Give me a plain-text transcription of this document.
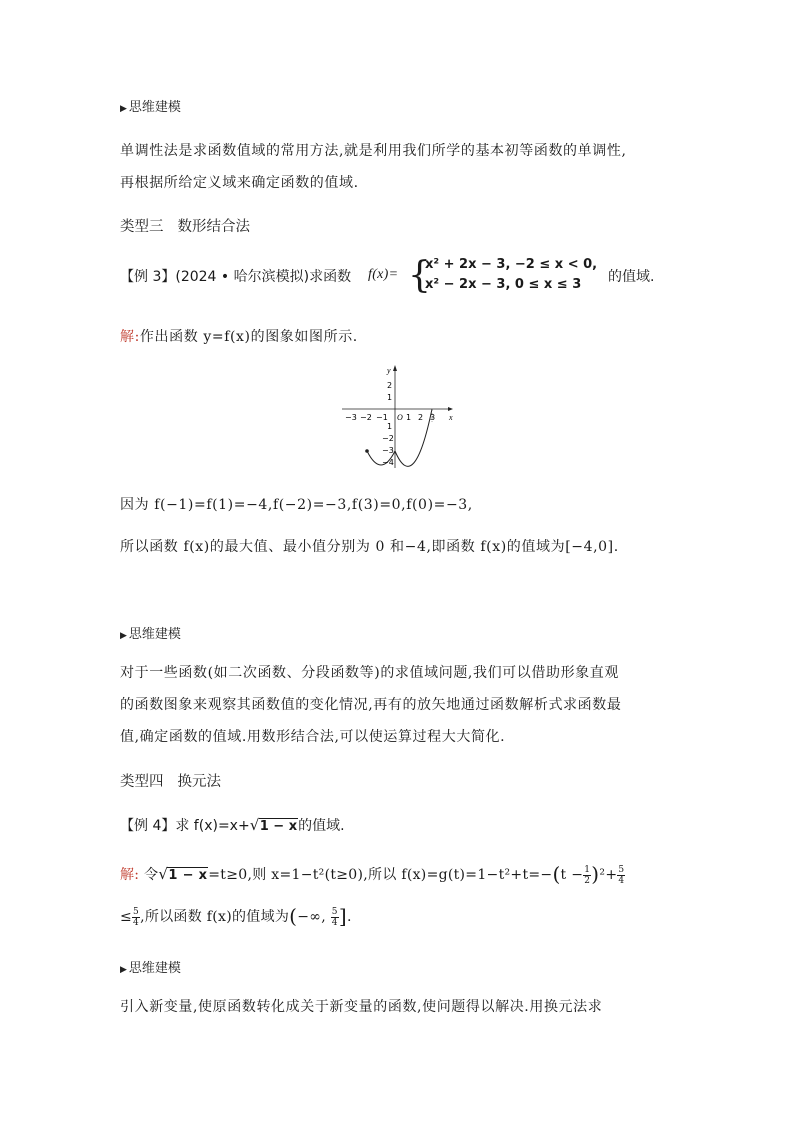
▶ 思维建模
单调性法是求函数值域的常用方法,就是利用我们所学的基本初等函数的单调性,
再根据所给定义域来确定函数的值域.
类型三 数形结合法
【例 3】(2024 • 哈尔滨模拟)求函数 f(x)= {
x² + 2x − 3, −2 ≤ x < 0,
x² − 2x − 3, 0 ≤ x ≤ 3 的值域.
解:作出函数 y=f(x)的图象如图所示.
y
x
2
1
−3 −2 −1 O 1 2 3
1
−2
−3
−4
因为 f(−1)=f(1)=−4,f(−2)=−3,f(3)=0,f(0)=−3,
所以函数 f(x)的最大值、最小值分别为 0 和−4,即函数 f(x)的值域为[−4,0].
▶ 思维建模
对于一些函数(如二次函数、分段函数等)的求值域问题,我们可以借助形象直观
的函数图象来观察其函数值的变化情况,再有的放矢地通过函数解析式求函数最
值,确定函数的值域.用数形结合法,可以使运算过程大大简化.
类型四 换元法
【例 4】求 f(x)=x+ √ 1 − x的值域.
解: 令 √ 1 − x=t≥0,则 x=1−t²(t≥0),所以 $f(x)=g(t)=1-t^2+t=-(t - \frac{1}{2} )^2+ \frac{5}{4}$
≤ $\frac{5}{4}$ ,所以函数 f(x)的值域为(−∞, $\frac{5}{4}$ ].
▶ 思维建模
引入新变量,使原函数转化成关于新变量的函数,使问题得以解决.用换元法求
